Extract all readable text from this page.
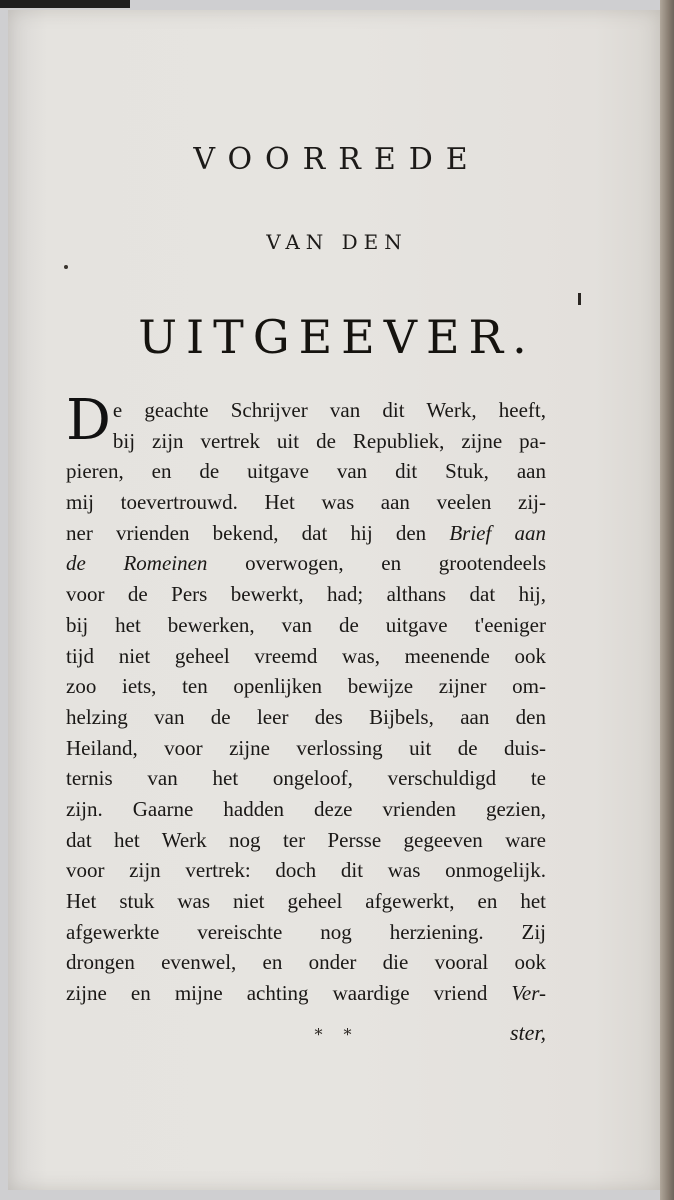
VOORREDE
VAN DEN
UITGEEVER.
D e geachte Schrijver van dit Werk, heeft,
bij zijn vertrek uit de Republiek, zijne pa-
pieren, en de uitgave van dit Stuk, aan
mij toevertrouwd. Het was aan veelen zij-
ner vrienden bekend, dat hij den Brief aan
de Romeinen overwogen, en grootendeels
voor de Pers bewerkt, had; althans dat hij,
bij het bewerken, van de uitgave t'eeniger
tijd niet geheel vreemd was, meenende ook
zoo iets, ten openlijken bewijze zijner om-
helzing van de leer des Bijbels, aan den
Heiland, voor zijne verlossing uit de duis-
ternis van het ongeloof, verschuldigd te
zijn. Gaarne hadden deze vrienden gezien,
dat het Werk nog ter Persse gegeeven ware
voor zijn vertrek: doch dit was onmogelijk.
Het stuk was niet geheel afgewerkt, en het
afgewerkte vereischte nog herziening. Zij
drongen evenwel, en onder die vooral ook
zijne en mijne achting waardige vriend Ver-
* *	ster,
